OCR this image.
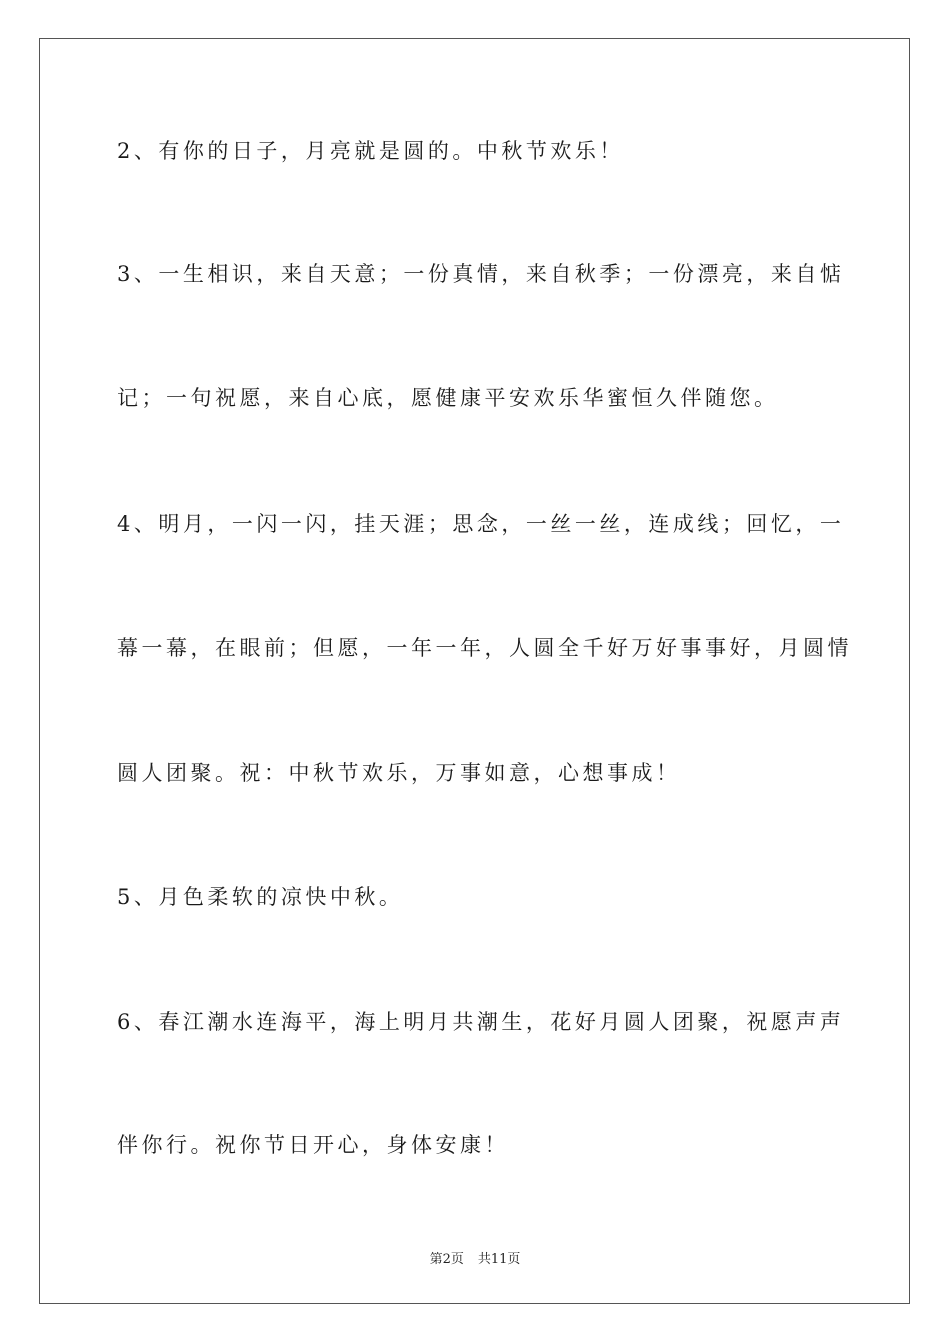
2、有你的日子，月亮就是圆的。中秋节欢乐！
3、一生相识，来自天意；一份真情，来自秋季；一份漂亮，来自惦
记；一句祝愿，来自心底，愿健康平安欢乐华蜜恒久伴随您。
4、明月，一闪一闪，挂天涯；思念，一丝一丝，连成线；回忆，一
幕一幕，在眼前；但愿，一年一年，人圆全千好万好事事好，月圆情
圆人团聚。祝：中秋节欢乐，万事如意，心想事成！
5、月色柔软的凉快中秋。
6、春江潮水连海平，海上明月共潮生，花好月圆人团聚，祝愿声声
伴你行。祝你节日开心，身体安康！
第2页 共11页
